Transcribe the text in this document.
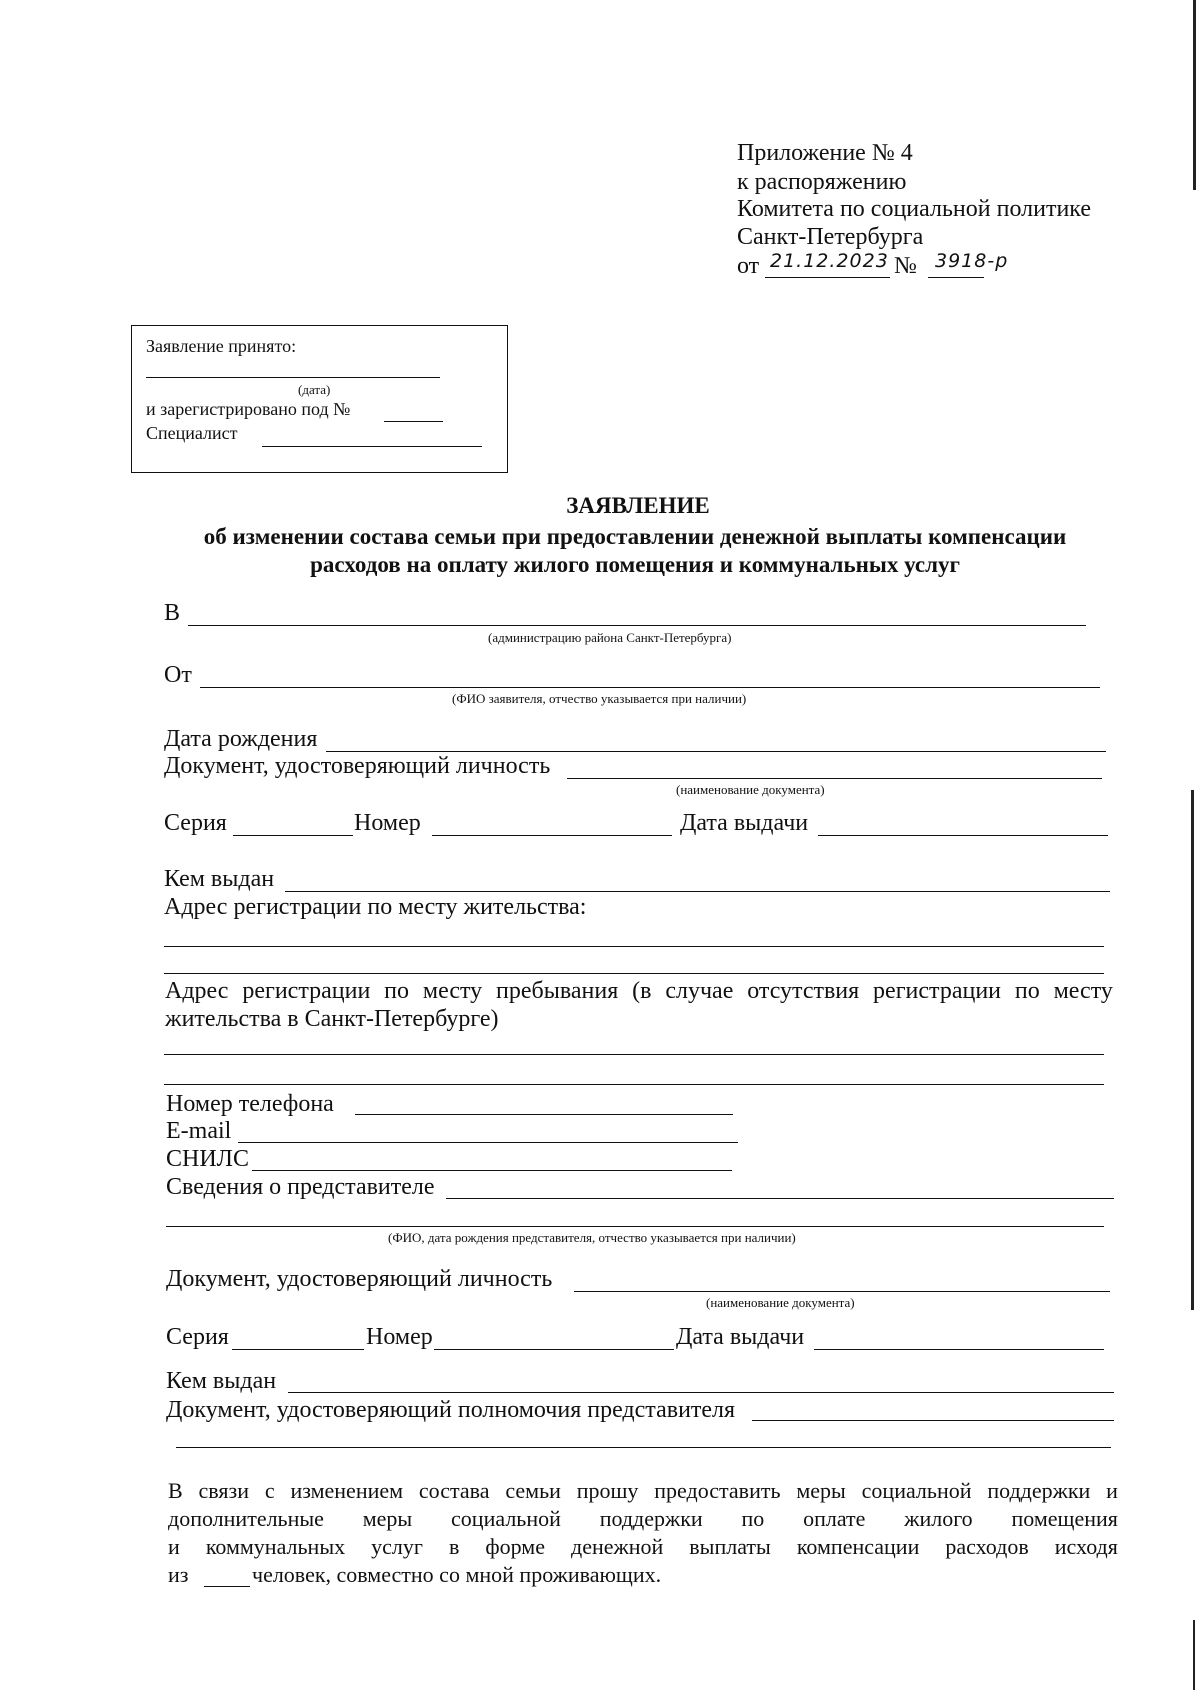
Приложение № 4
к распоряжению
Комитета по социальной политике
Санкт-Петербурга
от 21.12.2023 № 3918-р
Заявление принято:
(дата)
и зарегистрировано под №
Специалист
ЗАЯВЛЕНИЕ
об изменении состава семьи при предоставлении денежной выплаты компенсации
расходов на оплату жилого помещения и коммунальных услуг
В
(администрацию района Санкт-Петербурга)
От
(ФИО заявителя, отчество указывается при наличии)
Дата рождения
Документ, удостоверяющий личность
(наименование документа)
Серия	Номер	Дата выдачи
Кем выдан
Адрес регистрации по месту жительства:
Адрес регистрации по месту пребывания (в случае отсутствия регистрации по месту
жительства в Санкт-Петербурге)
Номер телефона
E-mail
СНИЛС
Сведения о представителе
(ФИО, дата рождения представителя, отчество указывается при наличии)
Документ, удостоверяющий личность
(наименование документа)
Серия	Номер	Дата выдачи
Кем выдан
Документ, удостоверяющий полномочия представителя
В связи с изменением состава семьи прошу предоставить меры социальной поддержки и
дополнительные меры социальной поддержки по оплате жилого помещения
и коммунальных услуг в форме денежной выплаты компенсации расходов исходя
из	человек, совместно со мной проживающих.
